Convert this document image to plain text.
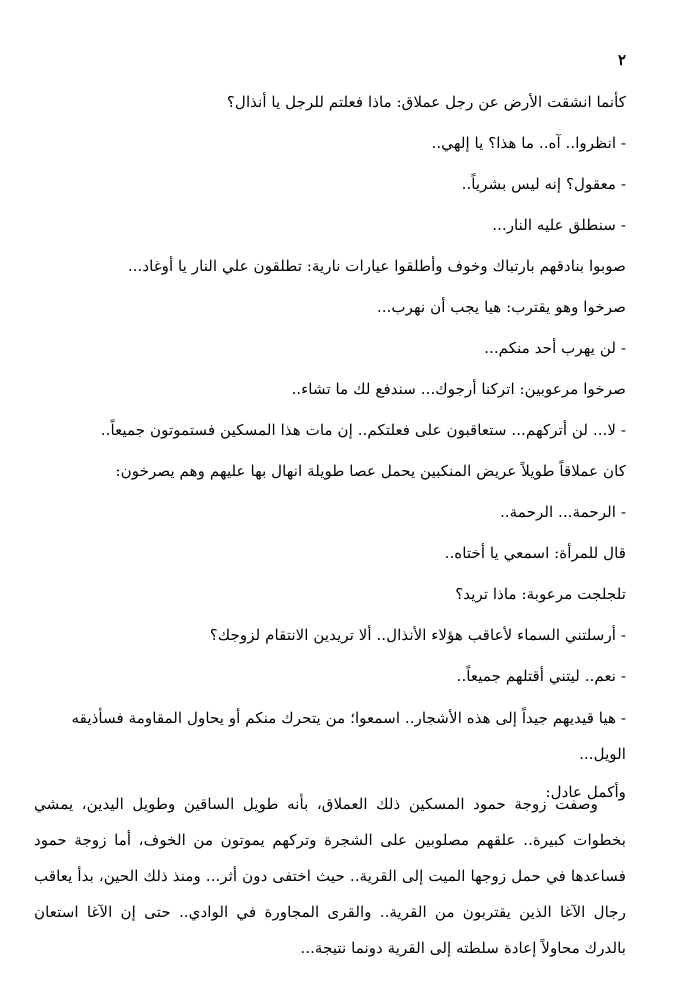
٢
كأنما انشقت الأرض عن رجل عملاق: ماذا فعلتم للرجل يا أنذال؟
- انظروا.. آه.. ما هذا؟ يا إلهي..
- معقول؟ إنه ليس بشرياً..
- سنطلق عليه النار...
صوبوا بنادقهم بارتباك وخوف وأطلقوا عيارات نارية: تطلقون علي النار يا أوغاد...
صرخوا وهو يقترب: هيا يجب أن نهرب...
- لن يهرب أحد منكم...
صرخوا مرعوبين: اتركنا أرجوك... سندفع لك ما تشاء..
- لا... لن أتركهم... ستعاقبون على فعلتكم.. إن مات هذا المسكين فستموتون جميعاً..
كان عملاقاً طويلاً عريض المنكبين يحمل عصا طويلة انهال بها عليهم وهم يصرخون:
- الرحمة... الرحمة..
قال للمرأة: اسمعي يا أختاه..
تلجلجت مرعوبة: ماذا تريد؟
- أرسلتني السماء لأعاقب هؤلاء الأنذال.. ألا تريدين الانتقام لزوجك؟
- نعم.. ليتني أقتلهم جميعاً..
- هيا قيديهم جيداً إلى هذه الأشجار.. اسمعوا؛ من يتحرك منكم أو يحاول المقاومة فسأذيقه الويل...
وأكمل عادل:
وصفت زوجة حمود المسكين ذلك العملاق، بأنه طويل الساقين وطويل اليدين، يمشي بخطوات كبيرة.. علقهم مصلوبين على الشجرة وتركهم يموتون من الخوف، أما زوجة حمود فساعدها في حمل زوجها الميت إلى القرية.. حيث اختفى دون أثر... ومنذ ذلك الحين، بدأ يعاقب رجال الآغا الذين يقتربون من القرية.. والقرى المجاورة في الوادي.. حتى إن الآغا استعان بالدرك محاولاً إعادة سلطته إلى القرية دونما نتيجة...
